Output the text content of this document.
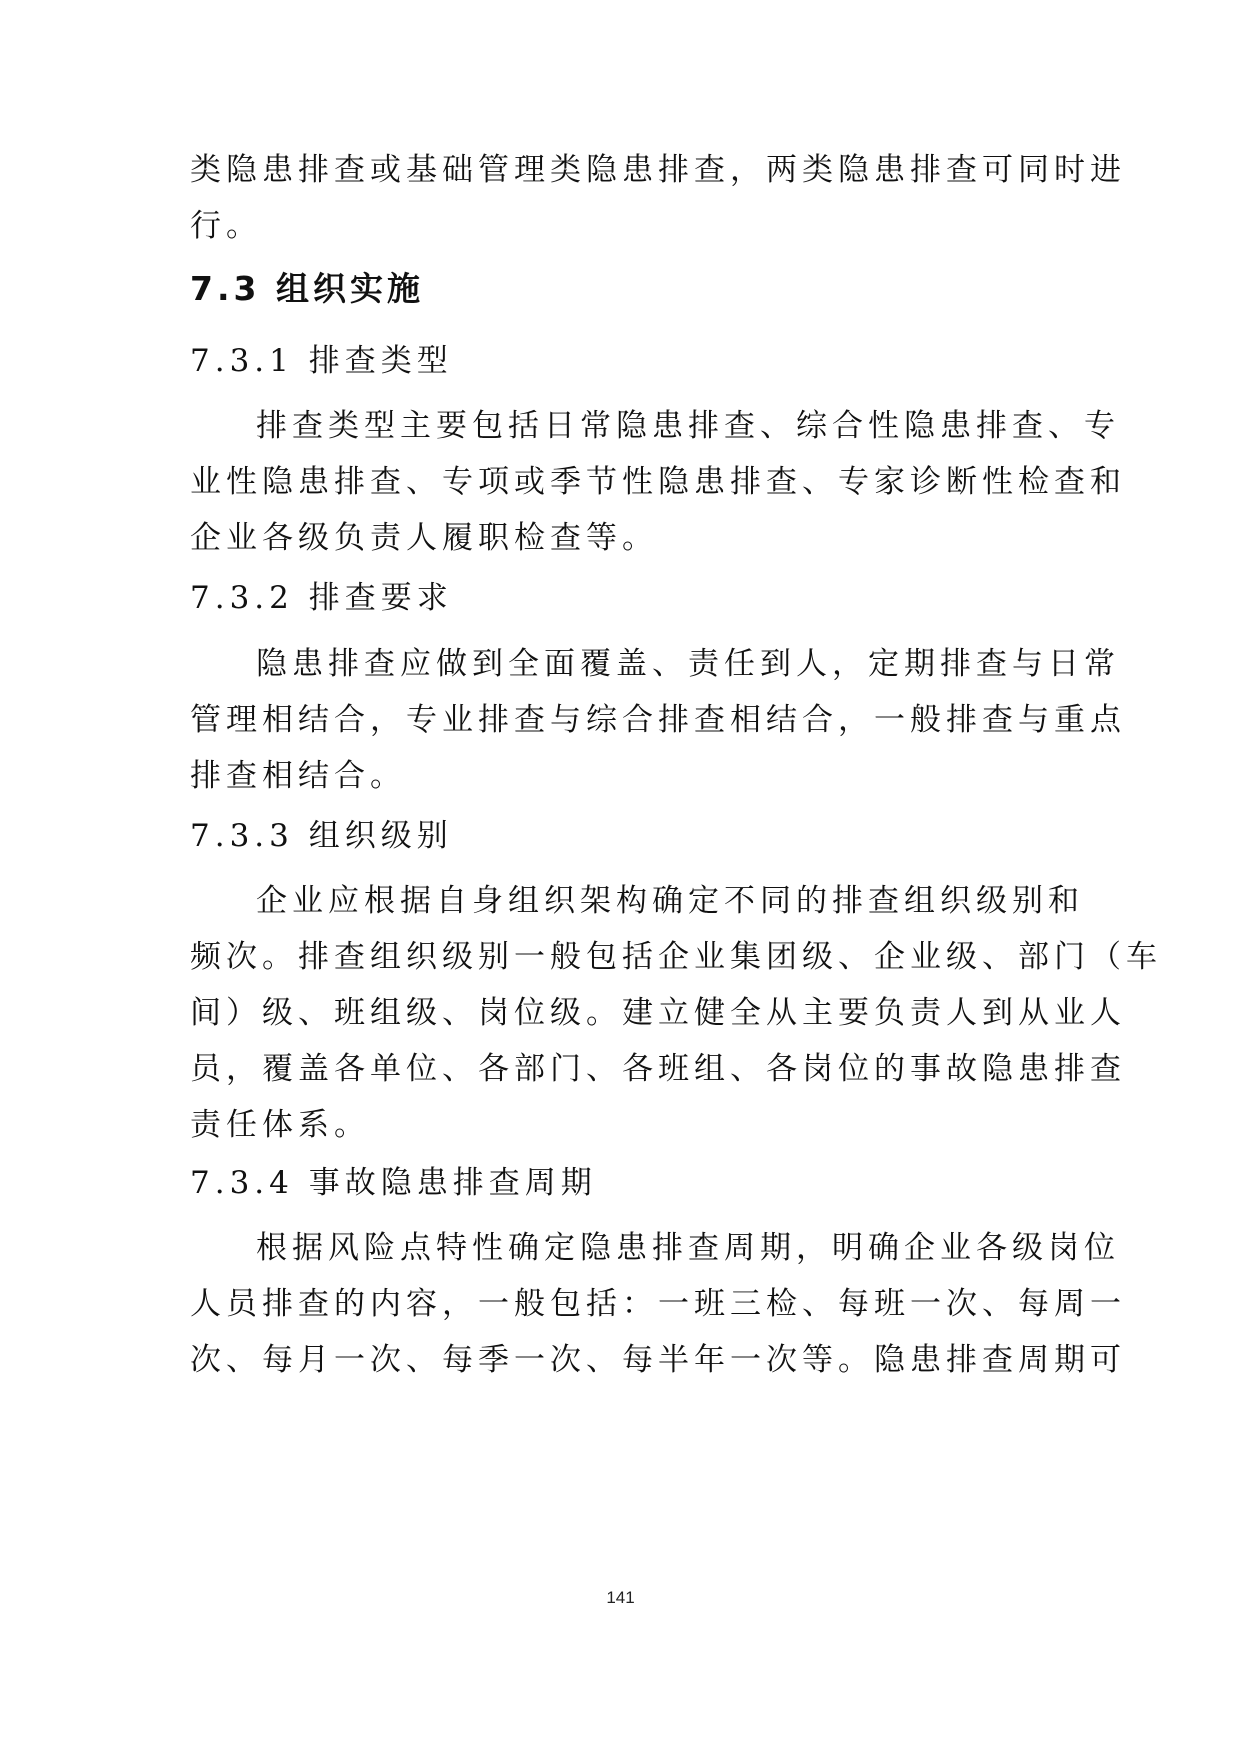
类隐患排查或基础管理类隐患排查，两类隐患排查可同时进
行。
7.3 组织实施
7.3.1 排查类型
排查类型主要包括日常隐患排查、综合性隐患排查、专
业性隐患排查、专项或季节性隐患排查、专家诊断性检查和
企业各级负责人履职检查等。
7.3.2 排查要求
隐患排查应做到全面覆盖、责任到人，定期排查与日常
管理相结合，专业排查与综合排查相结合，一般排查与重点
排查相结合。
7.3.3 组织级别
企业应根据自身组织架构确定不同的排查组织级别和
频次。排查组织级别一般包括企业集团级、企业级、部门（车
间）级、班组级、岗位级。建立健全从主要负责人到从业人
员，覆盖各单位、各部门、各班组、各岗位的事故隐患排查
责任体系。
7.3.4 事故隐患排查周期
根据风险点特性确定隐患排查周期，明确企业各级岗位
人员排查的内容，一般包括：一班三检、每班一次、每周一
次、每月一次、每季一次、每半年一次等。隐患排查周期可
141
